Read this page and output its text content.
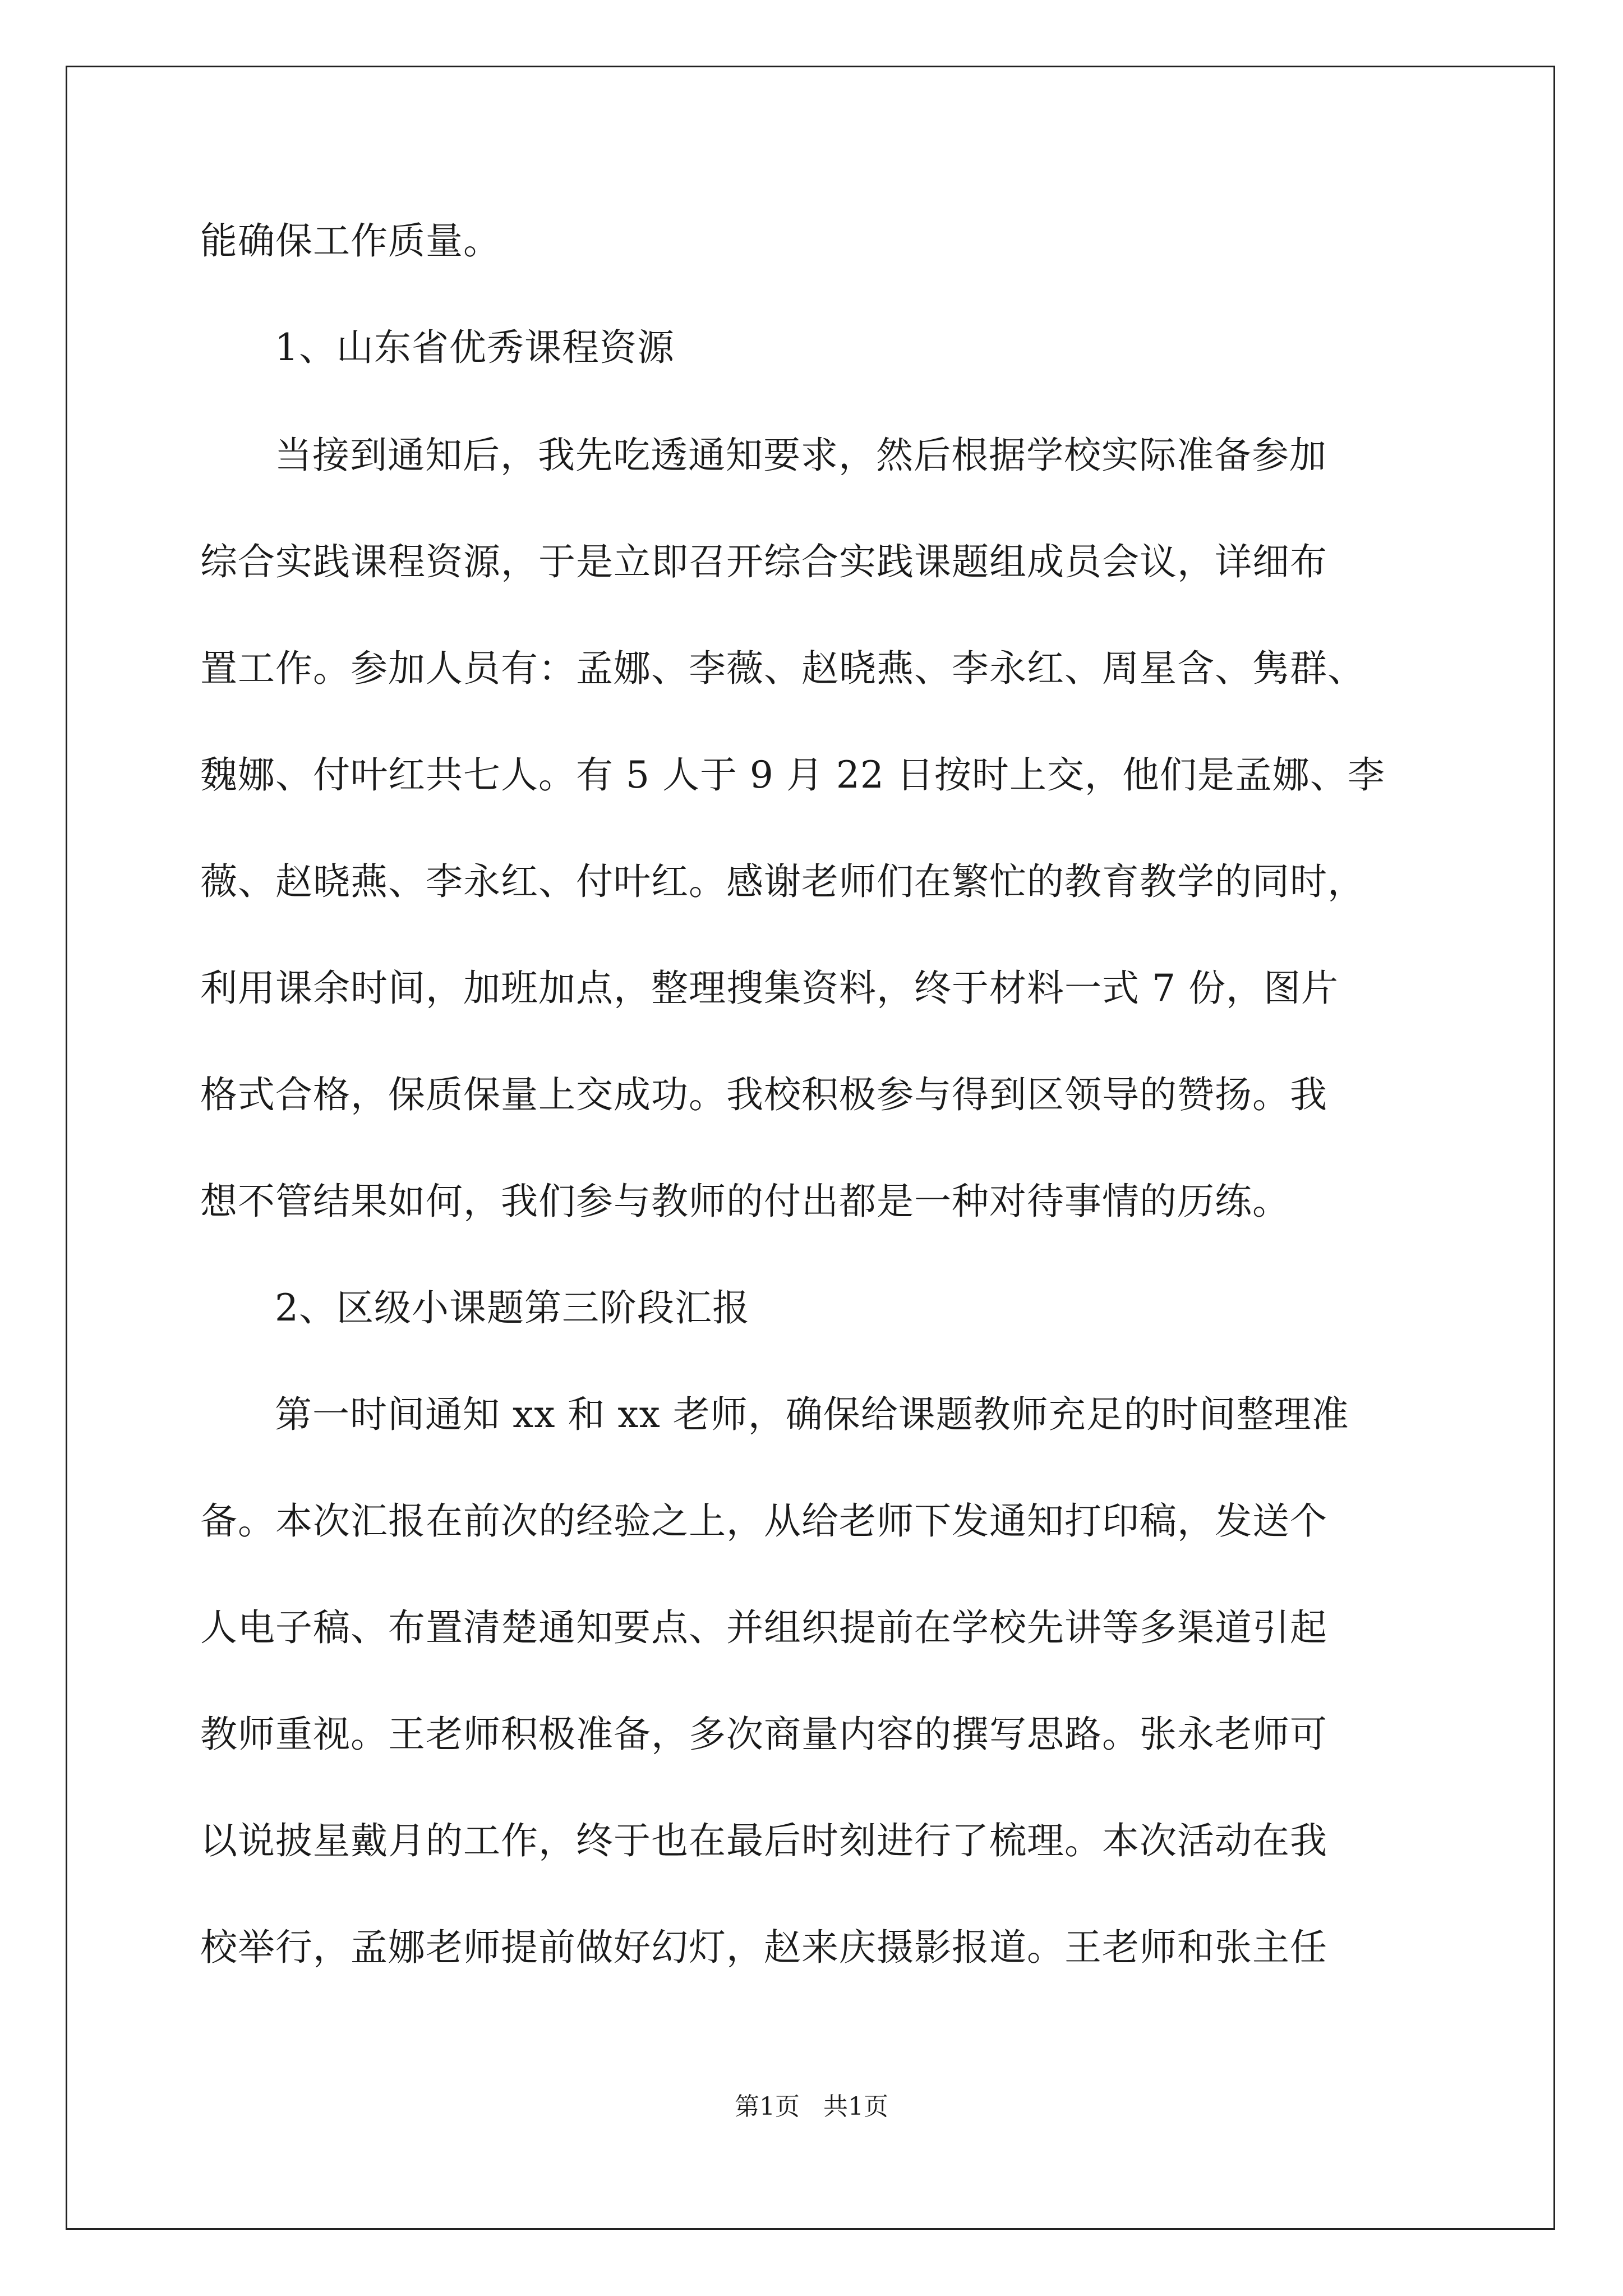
能确保工作质量。
1、山东省优秀课程资源
当接到通知后，我先吃透通知要求，然后根据学校实际准备参加
综合实践课程资源，于是立即召开综合实践课题组成员会议，详细布
置工作。参加人员有：孟娜、李薇、赵晓燕、李永红、周星含、隽群、
魏娜、付叶红共七人。有 5 人于 9 月 22 日按时上交，他们是孟娜、李
薇、赵晓燕、李永红、付叶红。感谢老师们在繁忙的教育教学的同时，
利用课余时间，加班加点，整理搜集资料，终于材料一式 7 份，图片
格式合格，保质保量上交成功。我校积极参与得到区领导的赞扬。我
想不管结果如何，我们参与教师的付出都是一种对待事情的历练。
2、区级小课题第三阶段汇报
第一时间通知 xx 和 xx 老师，确保给课题教师充足的时间整理准
备。本次汇报在前次的经验之上，从给老师下发通知打印稿，发送个
人电子稿、布置清楚通知要点、并组织提前在学校先讲等多渠道引起
教师重视。王老师积极准备，多次商量内容的撰写思路。张永老师可
以说披星戴月的工作，终于也在最后时刻进行了梳理。本次活动在我
校举行，孟娜老师提前做好幻灯，赵来庆摄影报道。王老师和张主任
第1页   共1页
